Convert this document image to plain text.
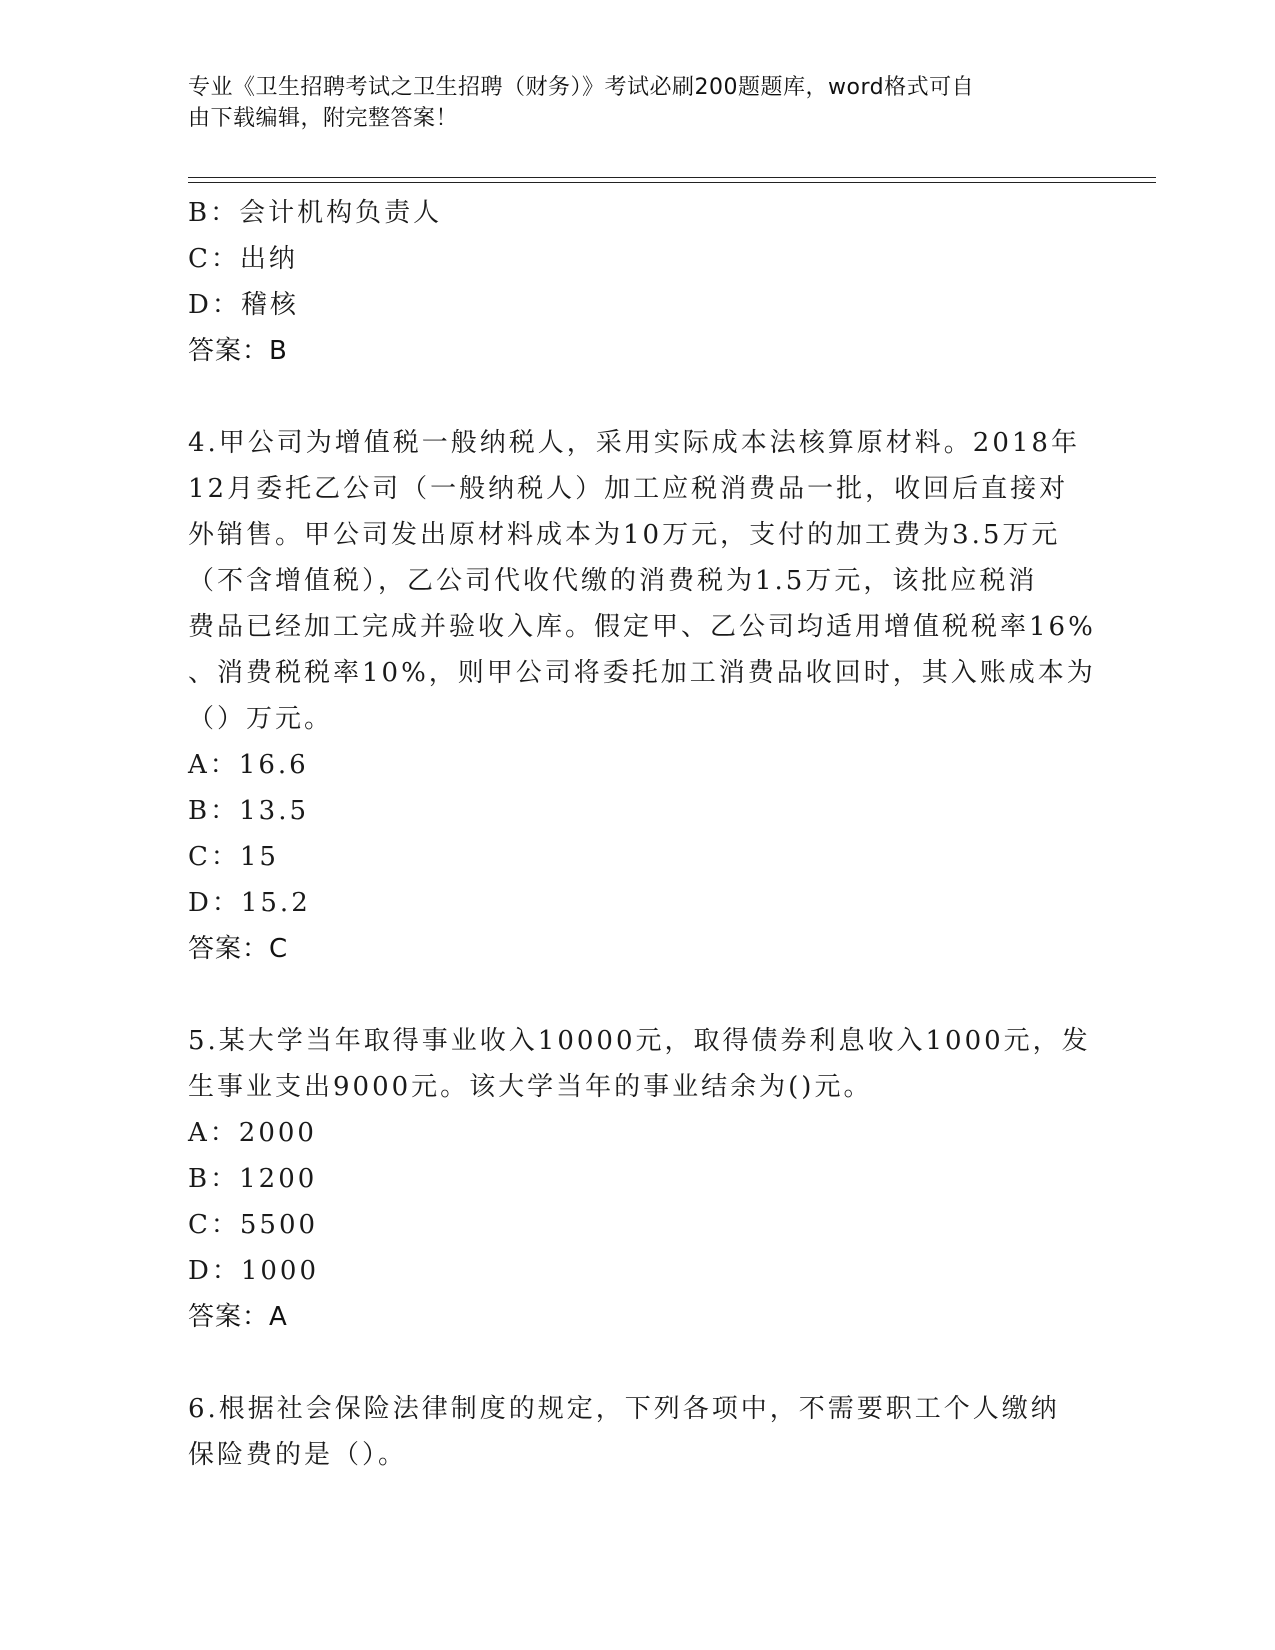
专业《卫生招聘考试之卫生招聘（财务）》考试必刷200题题库，word格式可自
由下载编辑，附完整答案！
B：会计机构负责人
C：出纳
D：稽核
答案：B
4.甲公司为增值税一般纳税人，采用实际成本法核算原材料。2018年
12月委托乙公司（一般纳税人）加工应税消费品一批，收回后直接对
外销售。甲公司发出原材料成本为10万元，支付的加工费为3.5万元
（不含增值税），乙公司代收代缴的消费税为1.5万元，该批应税消
费品已经加工完成并验收入库。假定甲、乙公司均适用增值税税率16%
、消费税税率10%，则甲公司将委托加工消费品收回时，其入账成本为
（）万元。
A：16.6
B：13.5
C：15
D：15.2
答案：C
5.某大学当年取得事业收入10000元，取得债券利息收入1000元，发
生事业支出9000元。该大学当年的事业结余为()元。
A：2000
B：1200
C：5500
D：1000
答案：A
6.根据社会保险法律制度的规定，下列各项中，不需要职工个人缴纳
保险费的是（）。
